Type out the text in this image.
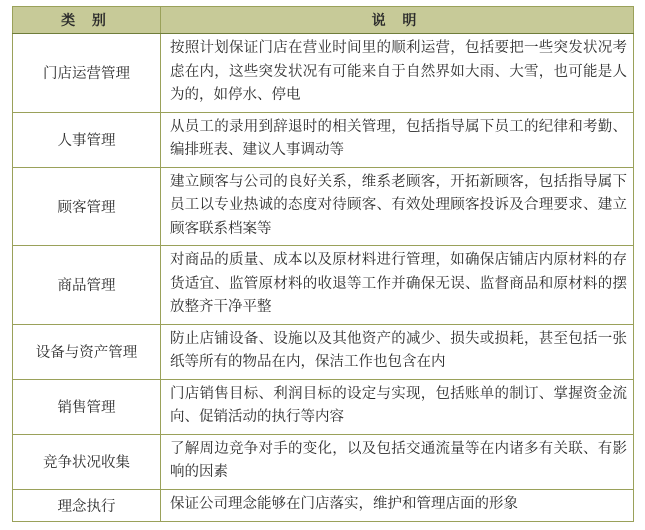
类 别	说 明
门店运营管理	按照计划保证门店在营业时间里的顺利运营，包括要把一些突发状况考虑在内，这些突发状况有可能来自于自然界如大雨、大雪，也可能是人为的，如停水、停电
人事管理	从员工的录用到辞退时的相关管理，包括指导属下员工的纪律和考勤、编排班表、建议人事调动等
顾客管理	建立顾客与公司的良好关系，维系老顾客，开拓新顾客，包括指导属下员工以专业热诚的态度对待顾客、有效处理顾客投诉及合理要求、建立顾客联系档案等
商品管理	对商品的质量、成本以及原材料进行管理，如确保店铺店内原材料的存货适宜、监管原材料的收退等工作并确保无误、监督商品和原材料的摆放整齐干净平整
设备与资产管理	防止店铺设备、设施以及其他资产的减少、损失或损耗，甚至包括一张纸等所有的物品在内，保洁工作也包含在内
销售管理	门店销售目标、利润目标的设定与实现，包括账单的制订、掌握资金流向、促销活动的执行等内容
竞争状况收集	了解周边竞争对手的变化，以及包括交通流量等在内诸多有关联、有影响的因素
理念执行	保证公司理念能够在门店落实，维护和管理店面的形象
